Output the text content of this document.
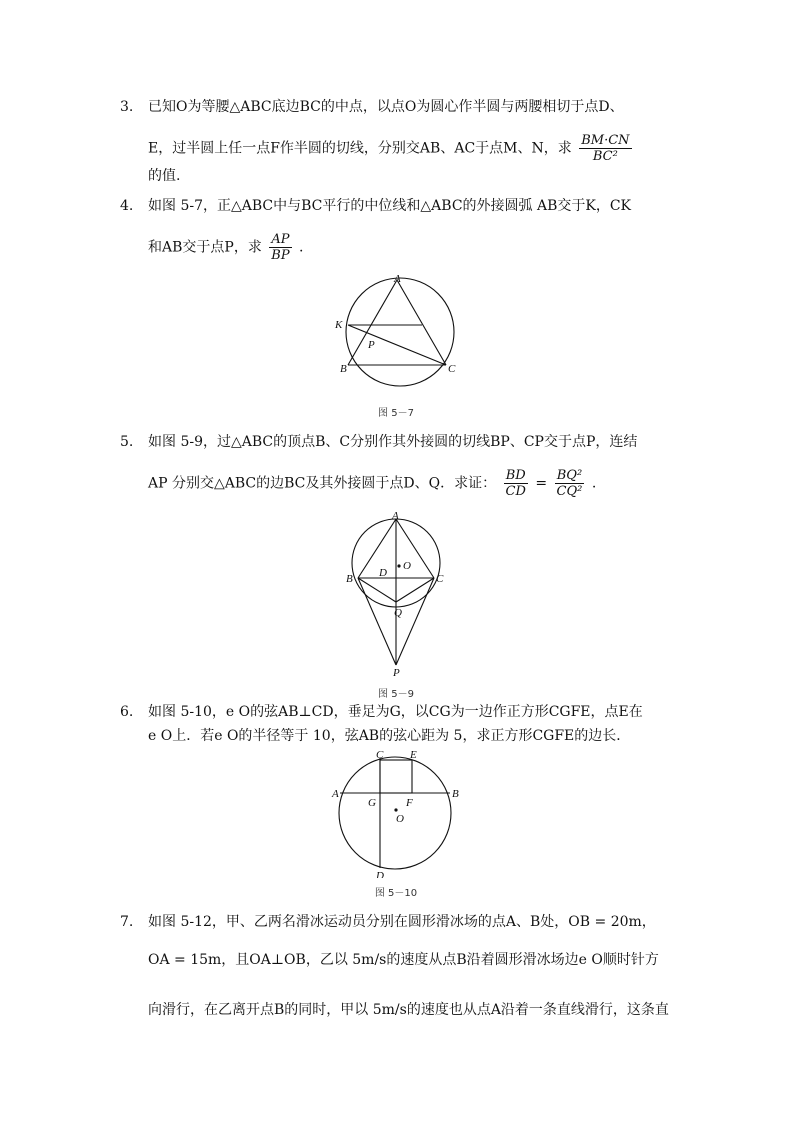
3.	已知O为等腰△ABC底边BC的中点，以点O为圆心作半圆与两腰相切于点D、
E，过半圆上任一点F作半圆的切线，分别交AB、AC于点M、N，求 $\frac{BM\cdot CN}{\text{BC²}}$
的值.
4.	如图 5-7，正△ABC中与BC平行的中位线和△ABC的外接圆弧 AB交于K，CK
和AB交于点P，求 $\frac{AP}{BP}$ .
A
K
P
B	C
图 5－7
5.	如图 5-9，过△ABC的顶点B、C分别作其外接圆的切线BP、CP交于点P，连结
AP 分别交△ABC的边BC及其外接圆于点D、Q．求证： $\frac{BD}{CD} = \frac{\text{BQ²}}{\text{CQ²}}$ .
A
O
B D	C
Q
P
图 5－9
6.	如图 5-10，e O的弦AB⊥CD，垂足为G，以CG为一边作正方形CGFE，点E在
e O上．若e O的半径等于 10，弦AB的弦心距为 5，求正方形CGFE的边长．
C E
A
G	F
B
O
D
图 5－10
7.	如图 5-12，甲、乙两名滑冰运动员分别在圆形滑冰场的点A、B处，OB = 20m，
OA = 15m，且OA⊥OB，乙以 5m/s的速度从点B沿着圆形滑冰场边e O顺时针方
向滑行，在乙离开点B的同时，甲以 5m/s的速度也从点A沿着一条直线滑行，这条直
